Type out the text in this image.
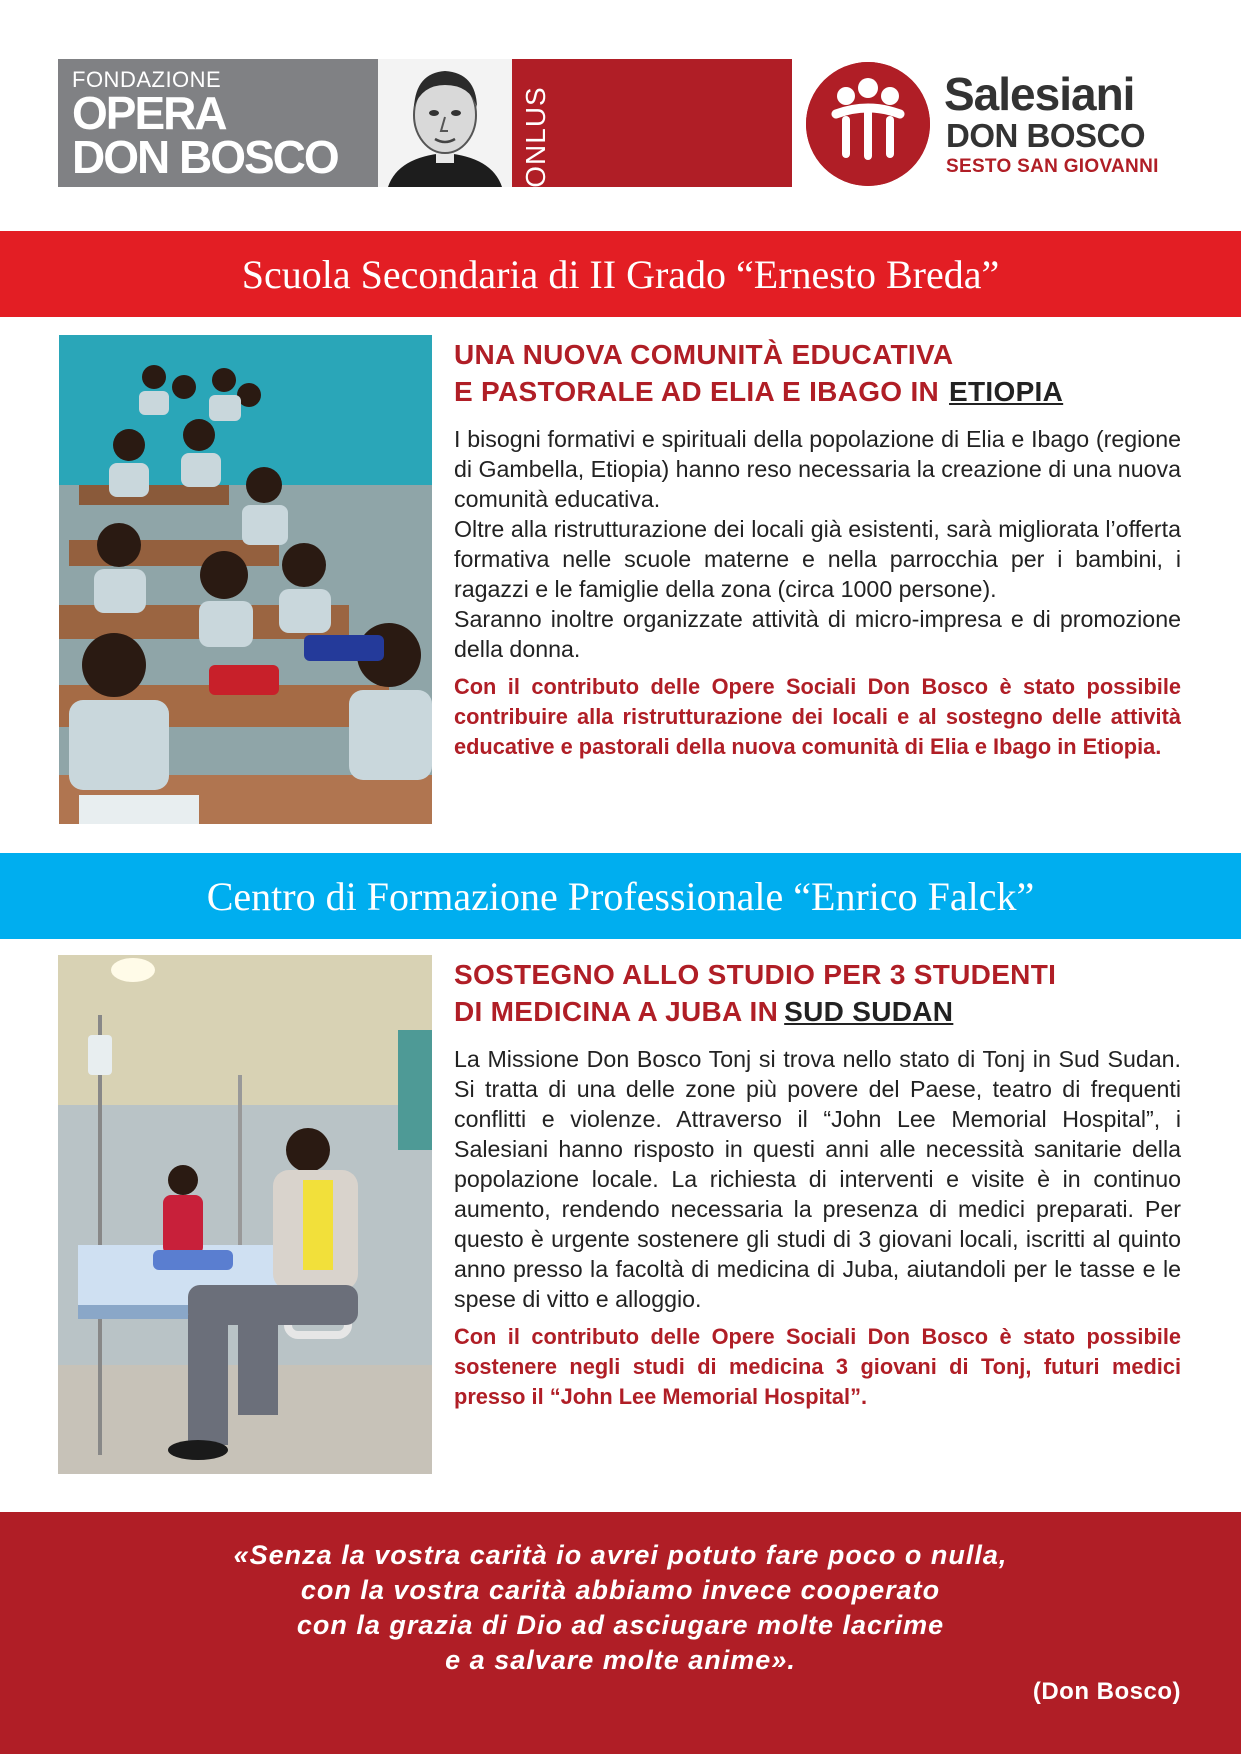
FONDAZIONE
OPERA
DON BOSCO	ONLUS	Salesiani
DON BOSCO
SESTO SAN GIOVANNI
Scuola Secondaria di II Grado “Ernesto Breda”
UNA NUOVA COMUNITÀ EDUCATIVA
E PASTORALE AD ELIA E IBAGO IN ETIOPIA

I bisogni formativi e spirituali della popolazione di Elia e Ibago (regione di Gambella, Etiopia) hanno reso necessaria la creazione di una nuova comunità educativa.
Oltre alla ristrutturazione dei locali già esistenti, sarà migliorata l’offerta formativa nelle scuole materne e nella parrocchia per i bambini, i ragazzi e le famiglie della zona (circa 1000 persone).
Saranno inoltre organizzate attività di micro-impresa e di promozione della donna.

Con il contributo delle Opere Sociali Don Bosco è stato possibile contribuire alla ristrutturazione dei locali e al sostegno delle attività educative e pastorali della nuova comunità di Elia e Ibago in Etiopia.

Centro di Formazione Professionale “Enrico Falck”
SOSTEGNO ALLO STUDIO PER 3 STUDENTI
DI MEDICINA A JUBA IN SUD SUDAN

La Missione Don Bosco Tonj si trova nello stato di Tonj in Sud Sudan. Si tratta di una delle zone più povere del Paese, teatro di frequenti conflitti e violenze. Attraverso il “John Lee Memorial Hospital”, i Salesiani hanno risposto in questi anni alle necessità sanitarie della popolazione locale. La richiesta di interventi e visite è in continuo aumento, rendendo necessaria la presenza di medici preparati. Per questo è urgente sostenere gli studi di 3 giovani locali, iscritti al quinto anno presso la facoltà di medicina di Juba, aiutandoli per le tasse e le spese di vitto e alloggio.

Con il contributo delle Opere Sociali Don Bosco è stato possibile sostenere negli studi di medicina 3 giovani di Tonj, futuri medici presso il “John Lee Memorial Hospital”.

«Senza la vostra carità io avrei potuto fare poco o nulla,
con la vostra carità abbiamo invece cooperato
con la grazia di Dio ad asciugare molte lacrime
e a salvare molte anime».
(Don Bosco)
